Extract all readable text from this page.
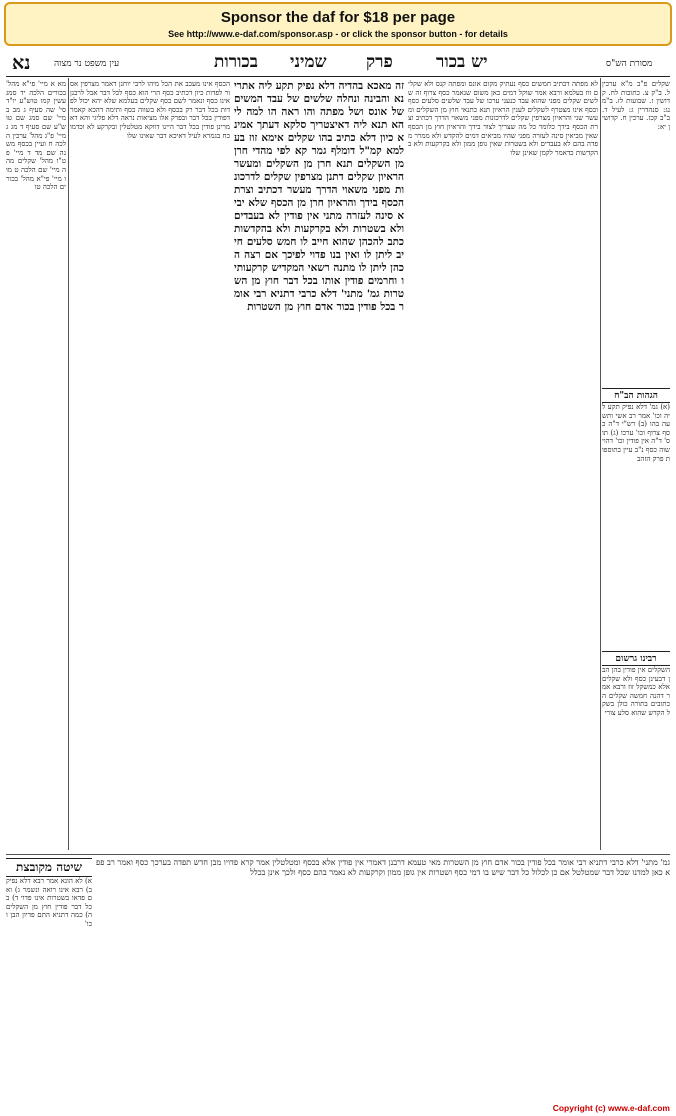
Sponsor the daf for $18 per page
See http://www.e-daf.com/sponsor.asp - or click the sponsor button - for details
נא	עין משפט נר מצוה	בכורות שמיני פרק	יש בכור	מסורת הש"ס
מא א מיי' פי"א מהל' בכורים הלכה יד סמג עשין קמו טוש"ע יו"ד סי' שה סעיף ג מב ב מיי' שם סמג שם טוש"ע שם סעיף ד מג ג מיי' פ"ג מהל' ערכין הלכה ח ועיין בכסף משנה שם מד ד מיי' פט"ו מהל' שקלים מה ה מיי' שם הלכה ט מו ו מיי' פי"א מהל' בכורים הלכה טו
הכסף אינו מעכב את הכל מיהו לרבי יוחנן דאמר מצרפין אסור לפדות כיון דכתיב כסף הרי הוא כסף לכל דבר אבל לרבנן אינו כסף ונאמר לשם כסף שקלים בעלמא שלא יהא יכול לפדות בכל דבר רק בכסף ולא בשווה כסף ותימה דהכא קאמר דפודין בכל דבר ובפרק אלו מציאות נראה דלא פליגי והא דאמרינן פודין בכל דבר היינו דווקא מטלטלין ובקרקע לא וכדמוכח בגמרא לעיל דאיכא דבר שאינו שלו
זה מאכא בהדיה דלא נפיק תקע ליה אתרינא והבינה ונחלה שלשים של עבד המשים של אונס ושל מפתה והו ראה הו למה לי הא תנא ליה דאיצטריך סלקא דעתך אמינא כיון דלא כתיב בהו שקלים אימא זוז בעלמא קמ"ל דומלף גמר קא לפי מהדי חרן מן השקלים תנא חרן מן השקלים ומעשר הראיון שקלים דתנן מצרפין שקלים לדרכונות מפני משאוי הדרך מעשר דכתיב וצרת הכסף בידך והראיון חרן מן הכסף שלא יביא סינה לעזרה מתני אין פודין לא בעבדים ולא בשטרות ולא בקרקעות ולא בהקדשות כתב להכהן שהוא חייב לו חמש סלעים חייב ליתן לו ואין בנו פדוי לפיכך אם רצה הכהן ליתן לו מתנה רשאי המקדיש קרקעותיו וחרמים פודין אותו בכל דבר חוץ מן השטרות גמ' מתני' דלא כרבי דתניא רבי אומר בכל פודין בכור אדם חוץ מן השטרות
לא מפתה דכתיב חמשים כסף נעתיק מקום אונס ומפתה קנס ולא שקלים זוז בעלמא ורבא אמר שוקל דמים כאן משום שנאמר כסף צרוף זה שלשים שקלים מפני שהוא עבד כנעני ערכו של עבד שלשים סלעים כסף וכסף אינו מצטרף לשקלים לענין הראיון תנא כתנאי חוץ מן השקלים ומעשר שני והראיון מצרפין שקלים לדרכונות מפני משאוי הדרך דכתיב וצרת הכסף בידך כלומר כל מה שצריך לצור בידך והראיון חוץ מן הכסף שאין מביאין סינה לעזרה מפני שהיו מביאים דמים להקדש ולא ממרר מפדה בהם לא בעבדים ולא בשטרות שאין גופן ממון ולא בקרקעות ולא בהקדשות כדאמר לקמן שאינן שלו
שקלים פ"ב מ"א ערכין ל. ב"ק צ. כתובות לח. קדושין ז. שבועות לז. ב"מ נג: סנהדרין ג: לעיל ד. ב"ב קכז. ערכין ח. קדושין יא:
הגהות הב"ח
(א) גמ' דלא נפיק תקע ליה וכו' אמר רב אשי ותשעה בהו (ב) רש"י ד"ה כסף צרוף וכו' ערכו (ג) תוס' ד"ה אין פודין וכו' דהוי שוה כסף נ"ב עיין בתוספות פרק הזהב
רבינו גרשום
השקלים אין פודין בהן הבן דבעינן כסף ולא שקלים אלא כמשקל זוז ורבא אמר דהנה חמשה שקלים הכתובים בתורה כולן בשקל הקדש שהוא סלע צורי
שיטה מקובצת
א) לא הונא אמר רבא דלא נפיק ב) רבא אינו רואה ונשמר ג) ואם פדאו בשטרות אינו פדוי ד) בכל דבר פודין חוץ מן השקלים ה) כמה דתניא התם פדיון הבן וכו'
גמ' מתני' דלא כרבי דתניא רבי אומר בכל פודין בכור אדם חוץ מן השטרות מאי טעמא דרבנן דאמרי אין פודין אלא בכסף ומטלטלין אמר קרא פדויו מבן חדש תפדה בערכך כסף ואמר רב פפא כאן למדנו שכל דבר שמטלטל אם כן לכלול כל דבר שיש בו דמי כסף ושטרות אין גופן ממון וקרקעות לא נאמר בהם כסף ולכך אינן בכלל
Copyright (c) www.e-daf.com
